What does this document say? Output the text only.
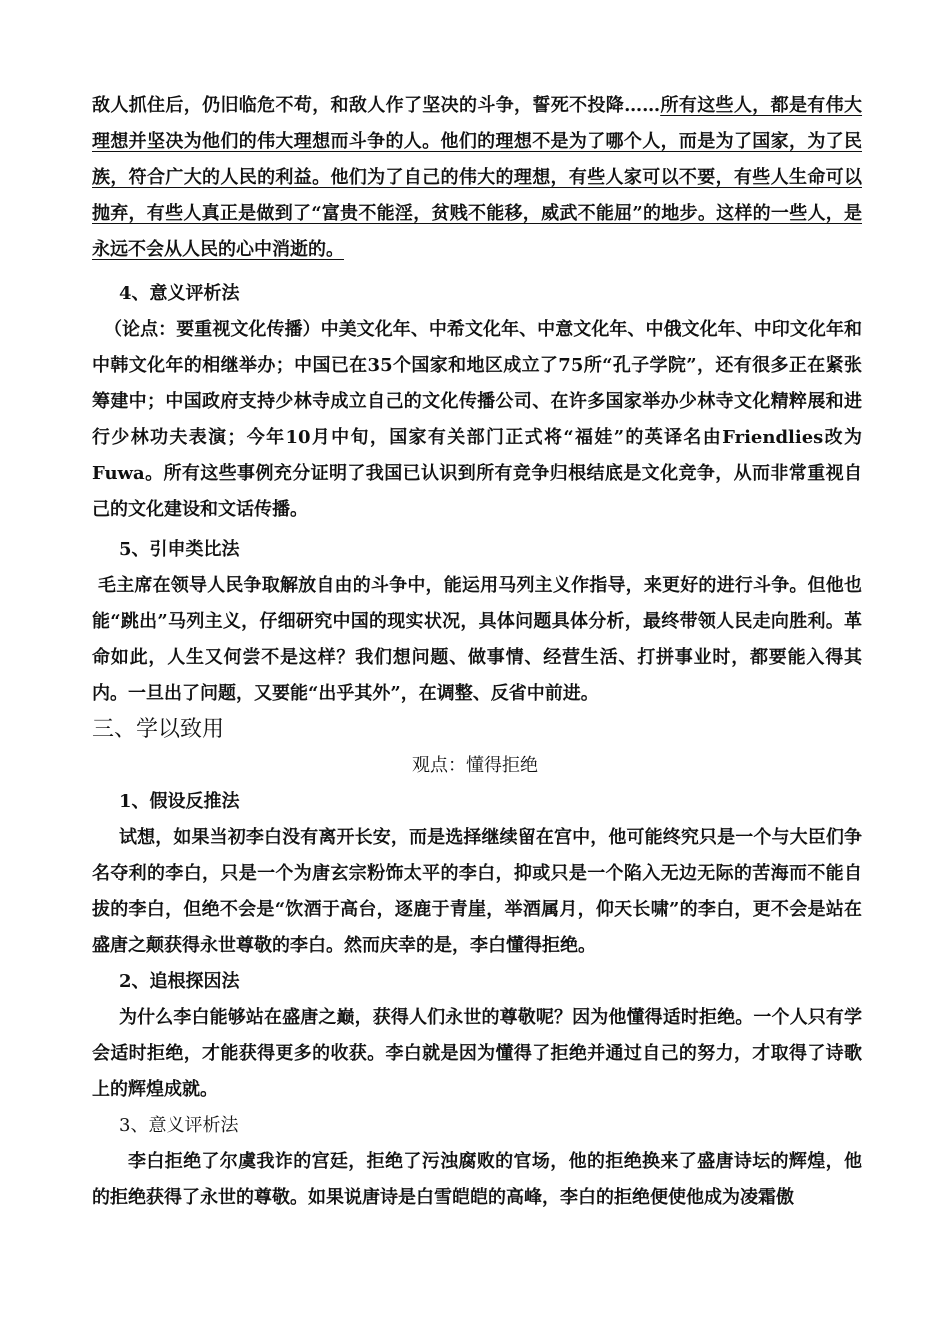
敌人抓住后，仍旧临危不苟，和敌人作了坚决的斗争，誓死不投降……所有这些人，都是有伟大理想并坚决为他们的伟大理想而斗争的人。他们的理想不是为了哪个人，而是为了国家，为了民族，符合广大的人民的利益。他们为了自己的伟大的理想，有些人家可以不要，有些人生命可以抛弃，有些人真正是做到了“富贵不能淫，贫贱不能移，威武不能屈”的地步。这样的一些人，是永远不会从人民的心中消逝的。

4、意义评析法

（论点：要重视文化传播）中美文化年、中希文化年、中意文化年、中俄文化年、中印文化年和中韩文化年的相继举办；中国已在35个国家和地区成立了75所“孔子学院”，还有很多正在紧张筹建中；中国政府支持少林寺成立自己的文化传播公司、在许多国家举办少林寺文化精粹展和进行少林功夫表演；今年10月中旬，国家有关部门正式将“福娃”的英译名由Friendlies改为Fuwa。所有这些事例充分证明了我国已认识到所有竞争归根结底是文化竞争，从而非常重视自己的文化建设和文话传播。

5、引申类比法

毛主席在领导人民争取解放自由的斗争中，能运用马列主义作指导，来更好的进行斗争。但他也能“跳出”马列主义，仔细研究中国的现实状况，具体问题具体分析，最终带领人民走向胜利。革命如此，人生又何尝不是这样？我们想问题、做事情、经营生活、打拼事业时，都要能入得其内。一旦出了问题，又要能“出乎其外”，在调整、反省中前进。

三、学以致用

观点：懂得拒绝

1、假设反推法

试想，如果当初李白没有离开长安，而是选择继续留在宫中，他可能终究只是一个与大臣们争名夺利的李白，只是一个为唐玄宗粉饰太平的李白，抑或只是一个陷入无边无际的苦海而不能自拔的李白，但绝不会是“饮酒于高台，逐鹿于青崖，举酒属月，仰天长啸”的李白，更不会是站在盛唐之颠获得永世尊敬的李白。然而庆幸的是，李白懂得拒绝。

2、追根探因法

为什么李白能够站在盛唐之巅，获得人们永世的尊敬呢？因为他懂得适时拒绝。一个人只有学会适时拒绝，才能获得更多的收获。李白就是因为懂得了拒绝并通过自己的努力，才取得了诗歌上的辉煌成就。

3、意义评析法

李白拒绝了尔虞我诈的宫廷，拒绝了污浊腐败的官场，他的拒绝换来了盛唐诗坛的辉煌，他的拒绝获得了永世的尊敬。如果说唐诗是白雪皑皑的高峰，李白的拒绝便使他成为凌霜傲
